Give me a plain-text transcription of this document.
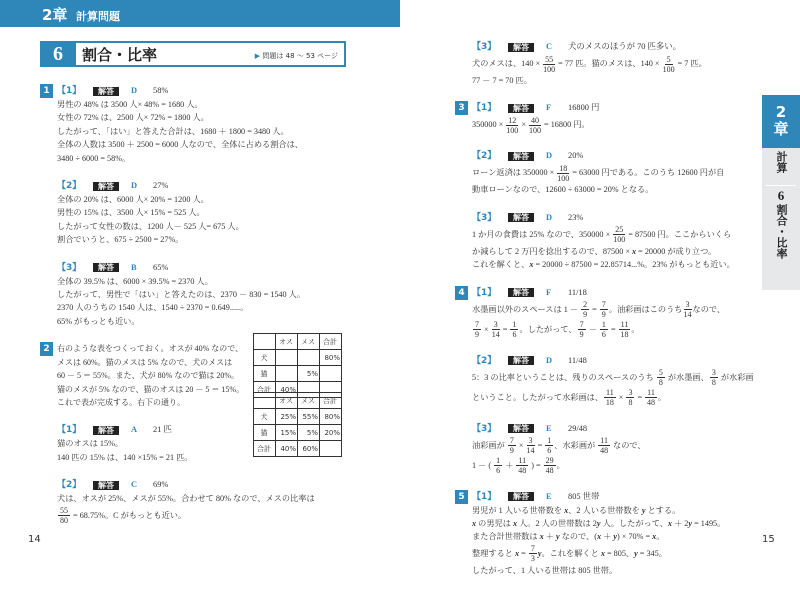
2章 計算問題
6	割合・比率	▶ 問題は 48 ～ 53 ページ
1 【1】	解答	D	58%
男性の 48% は 3500 人× 48% = 1680 人。
女性の 72% は、2500 人× 72% = 1800 人。
したがって、「はい」と答えた合計は、1680 ＋ 1800 = 3480 人。
全体の人数は 3500 ＋ 2500 = 6000 人なので、全体に占める割合は、
3480 ÷ 6000 = 58%。
【2】	解答	D	27%
全体の 20% は、6000 人× 20% = 1200 人。
男性の 15% は、3500 人× 15% = 525 人。
したがって女性の数は、1200 人－ 525 人= 675 人。
割合でいうと、675 ÷ 2500 = 27%。
【3】	解答	B	65%
全体の 39.5% は、6000 × 39.5% = 2370 人。
したがって、男性で「はい」と答えたのは、2370 － 830 = 1540 人。
2370 人のうちの 1540 人は、1540 ÷ 2370 = 0.649.....。
65% がもっとも近い。
2 右のような表をつくっておく。オスが 40% なので、
メスは 60%。猫のメスは 5% なので、犬のメスは
60 － 5 ＝ 55%。また、犬が 80% なので猫は 20%。
猫のメスが 5% なので、猫のオスは 20 － 5 ＝ 15%。
これで表が完成する。右下の通り。
	オス	メス	合計
犬			80%
猫		5%	
合計	40%		
	オス	メス	合計
犬	25%	55%	80%
猫	15%	5%	20%
合計	40%	60%	
【1】	解答	A	21 匹
猫のオスは 15%。
140 匹の 15% は、140 ×15% = 21 匹。
【2】	解答	C	69%
犬は、オスが 25%、メスが 55%。合わせて 80% なので、メスの比率は
$\frac{55}{80} = 68.75\%$。C がもっとも近い。
【3】	解答	C	犬のメスのほうが 70 匹多い。
犬のメスは、$140 \times \frac{55}{100} = 77$ 匹。猫のメスは、$140 \times \frac{5}{100} = 7$ 匹。
77 － 7 = 70 匹。
3 【1】	解答	F	16800 円
$350000 \times \frac{12}{100} \times \frac{40}{100} = 16800$ 円。
【2】	解答	D	20%
ローン返済は $350000 \times \frac{18}{100} = 63000$ 円である。このうち 12600 円が自
動車ローンなので、12600 ÷ 63000 = 20% となる。
【3】	解答	D	23%
1 か月の食費は 25% なので、$350000 \times \frac{25}{100} = 87500$ 円。ここからいくら
か減らして 2 万円を捻出するので、87500 × x = 20000 が成り立つ。
これを解くと、x = 20000 ÷ 87500 = 22.85714...%。23% がもっとも近い。
4 【1】	解答	F	11/18
水墨画以外のスペースは $1 - \frac{2}{9} = \frac{7}{9}$ 。油彩画はこのうち $\frac{3}{14}$ なので、
$\frac{7}{9} \times \frac{3}{14} = \frac{1}{6}$ 。したがって、 $\frac{7}{9} - \frac{1}{6} = \frac{11}{18}$ 。
【2】	解答	D	11/48
5：3 の比率ということは、残りのスペースのうち $\frac{5}{8}$ が水墨画、 $\frac{3}{8}$ が水彩画
ということ。したがって水彩画は、 $\frac{11}{18} \times \frac{3}{8} = \frac{11}{48}$ 。
【3】	解答	E	29/48
油彩画が $\frac{7}{9} \times \frac{3}{14} = \frac{1}{6}$ 、水彩画が $\frac{11}{48}$ なので、
1 － ( $\frac{1}{6} + \frac{11}{48}$ ) = $\frac{29}{48}$ 。
5 【1】	解答	E	805 世帯
男児が 1 人いる世帯数を x、2 人いる世帯数を y とする。
x の男児は x 人。2 人の世帯数は 2y 人。したがって、x ＋ 2y = 1495。
また合計世帯数は x ＋ y なので、(x ＋ y) × 70% = x。
整理すると $x = \frac{7}{3}$ y。これを解くと x = 805、y = 345。
したがって、1 人いる世帯は 805 世帯。
2
章
計算
6
割合・比率
14	15
